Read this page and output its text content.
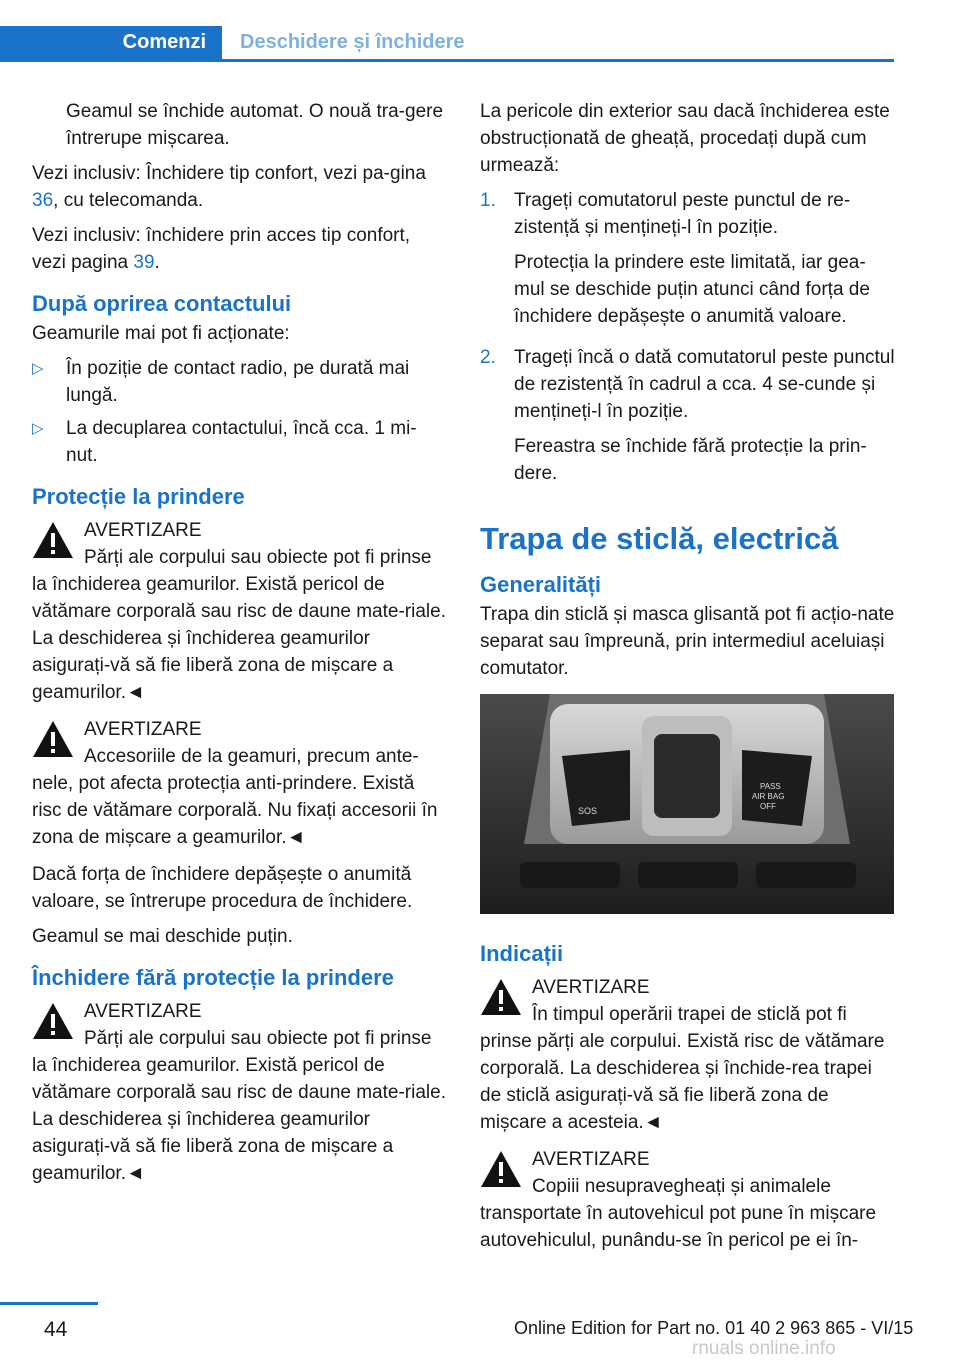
Comenzi	Deschidere și închidere

Geamul se închide automat. O nouă tra-gere întrerupe mișcarea.

Vezi inclusiv: Închidere tip confort, vezi pa-gina 36, cu telecomanda.

Vezi inclusiv: închidere prin acces tip confort, vezi pagina 39.

După oprirea contactului

Geamurile mai pot fi acționate:

▷	În poziție de contact radio, pe durată mai lungă.
▷	La decuplarea contactului, încă cca. 1 mi-nut.
Protecție la prindere
AVERTIZARE
Părți ale corpului sau obiecte pot fi prinse la închiderea geamurilor. Există pericol de vătămare corporală sau risc de daune mate-riale. La deschiderea și închiderea geamurilor asigurați-vă să fie liberă zona de mișcare a geamurilor.◄
AVERTIZARE
Accesoriile de la geamuri, precum ante-nele, pot afecta protecția anti-prindere. Există risc de vătămare corporală. Nu fixați accesorii în zona de mișcare a geamurilor.◄

Dacă forța de închidere depășește o anumită valoare, se întrerupe procedura de închidere.

Geamul se mai deschide puțin.

Închidere fără protecție la prindere
AVERTIZARE
Părți ale corpului sau obiecte pot fi prinse la închiderea geamurilor. Există pericol de vătămare corporală sau risc de daune mate-riale. La deschiderea și închiderea geamurilor asigurați-vă să fie liberă zona de mișcare a geamurilor.◄

La pericole din exterior sau dacă închiderea este obstrucționată de gheață, procedați după cum urmează:

1. Trageți comutatorul peste punctul de re-zistență și mențineți-l în poziție.

Protecția la prindere este limitată, iar gea-mul se deschide puțin atunci când forța de închidere depășește o anumită valoare.

2. Trageți încă o dată comutatorul peste punctul de rezistență în cadrul a cca. 4 se-cunde și mențineți-l în poziție.

Fereastra se închide fără protecție la prin-dere.

Trapa de sticlă, electrică
Generalități

Trapa din sticlă și masca glisantă pot fi acțio-nate separat sau împreună, prin intermediul aceluiași comutator.

SOS
PASS
AIR BAG
OFF
Indicații
AVERTIZARE
În timpul operării trapei de sticlă pot fi prinse părți ale corpului. Există risc de vătămare corporală. La deschiderea și închide-rea trapei de sticlă asigurați-vă să fie liberă zona de mișcare a acesteia.◄
AVERTIZARE
Copiii nesupravegheați și animalele transportate în autovehicul pot pune în mișcare autovehiculul, punându-se în pericol pe ei în-
44	Online Edition for Part no. 01 40 2 963 865 - VI/15
rnuals online.info
